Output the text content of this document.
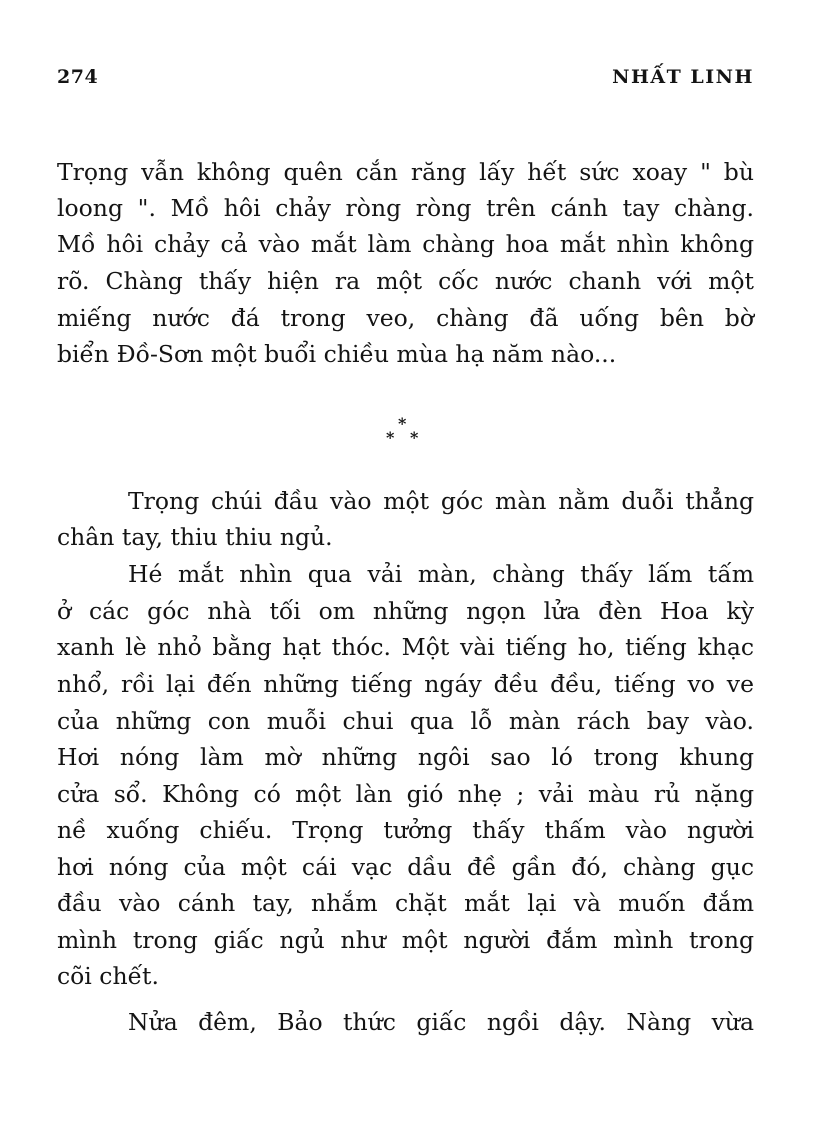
274	NHẤT LINH
Trọng vẫn không quên cắn răng lấy hết sức xoay " bù
loong ". Mồ hôi chảy ròng ròng trên cánh tay chàng.
Mồ hôi chảy cả vào mắt làm chàng hoa mắt nhìn không
rõ. Chàng thấy hiện ra một cốc nước chanh với một
miếng nước đá trong veo, chàng đã uống bên bờ
biển Đồ-Sơn một buổi chiều mùa hạ năm nào...
*
* *
Trọng chúi đầu vào một góc màn nằm duỗi thẳng
chân tay, thiu thiu ngủ.
Hé mắt nhìn qua vải màn, chàng thấy lấm tấm
ở các góc nhà tối om những ngọn lửa đèn Hoa kỳ
xanh lè nhỏ bằng hạt thóc. Một vài tiếng ho, tiếng khạc
nhổ, rồi lại đến những tiếng ngáy đều đều, tiếng vo ve
của những con muỗi chui qua lỗ màn rách bay vào.
Hơi nóng làm mờ những ngôi sao ló trong khung
cửa sổ. Không có một làn gió nhẹ ; vải màu rủ nặng
nề xuống chiếu. Trọng tưởng thấy thấm vào người
hơi nóng của một cái vạc dầu đề gần đó, chàng gục
đầu vào cánh tay, nhắm chặt mắt lại và muốn đắm
mình trong giấc ngủ như một người đắm mình trong
cõi chết.
Nửa đêm, Bảo thức giấc ngồi dậy. Nàng vừa
